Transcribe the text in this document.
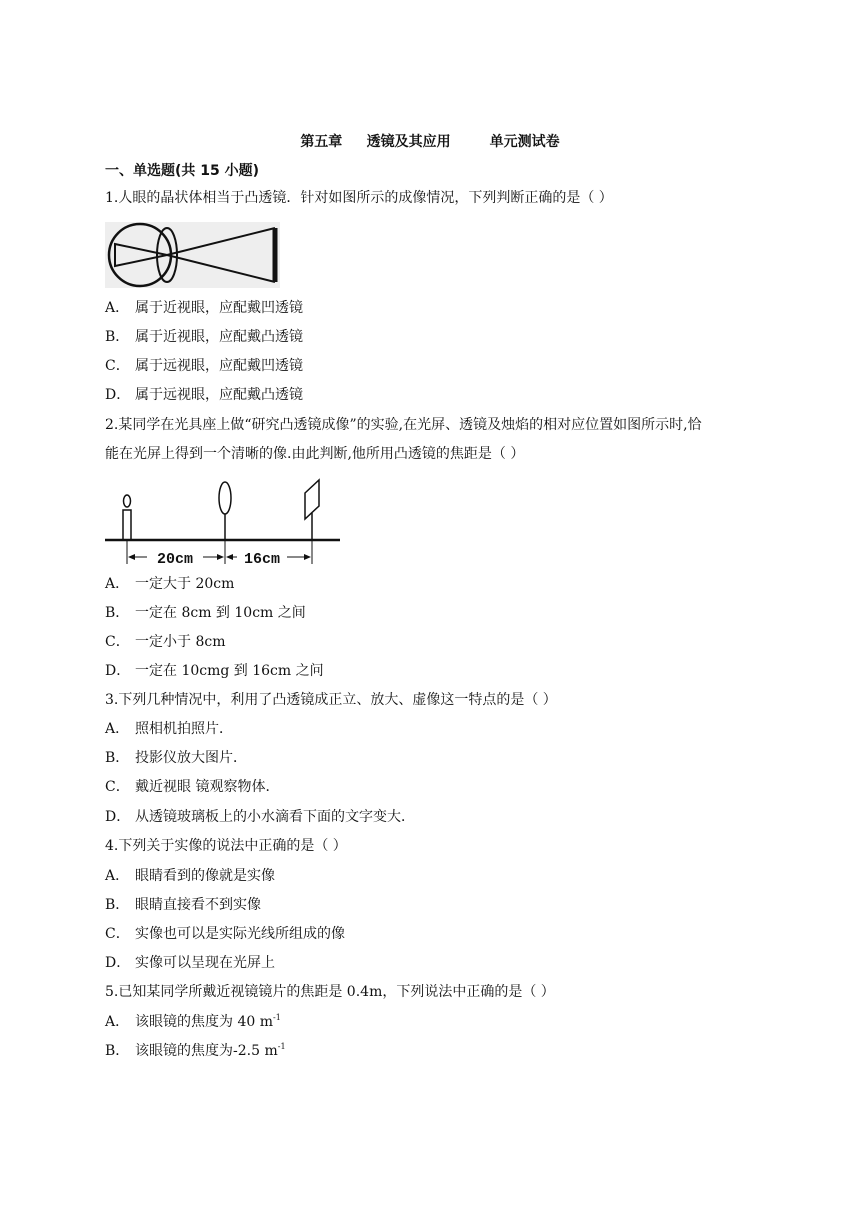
第五章     透镜及其应用        单元测试卷
一、单选题(共 15 小题)
1.人眼的晶状体相当于凸透镜．针对如图所示的成像情况，下列判断正确的是（ ）
A． 属于近视眼，应配戴凹透镜
B． 属于近视眼，应配戴凸透镜
C． 属于远视眼，应配戴凹透镜
D． 属于远视眼，应配戴凸透镜
2.某同学在光具座上做“研究凸透镜成像”的实验,在光屏、透镜及烛焰的相对应位置如图所示时,恰
能在光屏上得到一个清晰的像.由此判断,他所用凸透镜的焦距是（ ）
20cm	16cm
A． 一定大于 20cm
B． 一定在 8cm 到 10cm 之间
C． 一定小于 8cm
D． 一定在 10cmg 到 16cm 之问
3.下列几种情况中，利用了凸透镜成正立、放大、虚像这一特点的是（ ）
A． 照相机拍照片．
B． 投影仪放大图片．
C． 戴近视眼 镜观察物体．
D． 从透镜玻璃板上的小水滴看下面的文字变大．
4.下列关于实像的说法中正确的是（ ）
A． 眼睛看到的像就是实像
B． 眼睛直接看不到实像
C． 实像也可以是实际光线所组成的像
D． 实像可以呈现在光屏上
5.已知某同学所戴近视镜镜片的焦距是 0.4m，下列说法中正确的是（ ）
A． 该眼镜的焦度为 40 $m^{-1}$
B． 该眼镜的焦度为-2.5 $m^{-1}$
